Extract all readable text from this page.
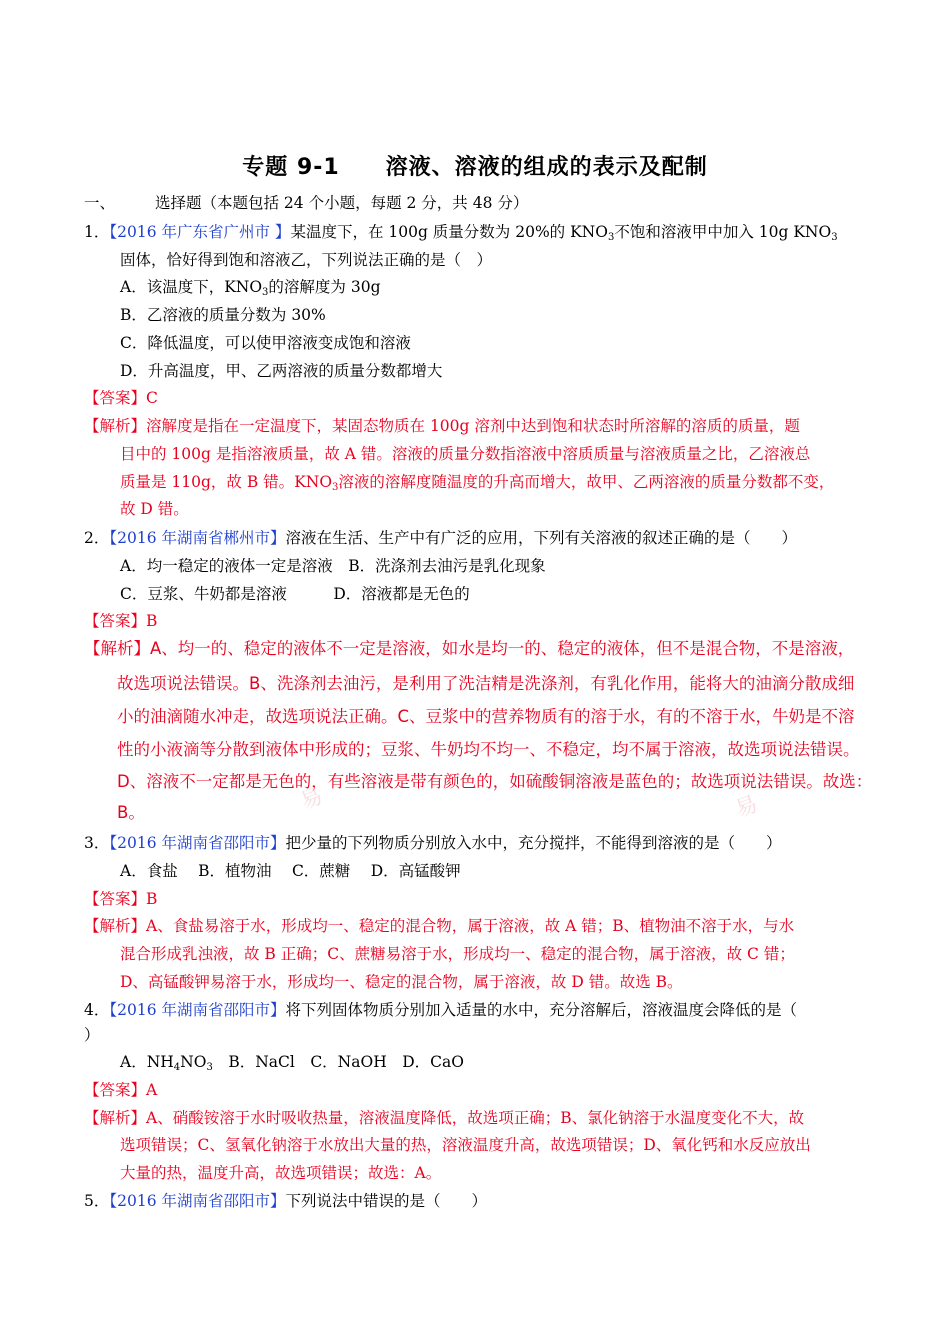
专题 9-1　　溶液、溶液的组成的表示及配制
一、	选择题（本题包括 24 个小题，每题 2 分，共 48 分）
1．【2016 年广东省广州市 】某温度下，在 100g 质量分数为 20%的 $KNO_3$不饱和溶液甲中加入 10g $KNO_3$
固体，恰好得到饱和溶液乙，下列说法正确的是（　）
A．该温度下，$KNO_3$的溶解度为 30g
B．乙溶液的质量分数为 30%
C．降低温度，可以使甲溶液变成饱和溶液
D．升高温度，甲、乙两溶液的质量分数都增大
【答案】C
【解析】溶解度是指在一定温度下，某固态物质在 100g 溶剂中达到饱和状态时所溶解的溶质的质量，题
目中的 100g 是指溶液质量，故 A 错。溶液的质量分数指溶液中溶质质量与溶液质量之比，乙溶液总
质量是 110g，故 B 错。$KNO_3$溶液的溶解度随温度的升高而增大，故甲、乙两溶液的质量分数都不变，
故 D 错。
2．【2016 年湖南省郴州市】溶液在生活、生产中有广泛的应用，下列有关溶液的叙述正确的是（　　）
A．均一稳定的液体一定是溶液　B．洗涤剂去油污是乳化现象
C．豆浆、牛奶都是溶液　　　D．溶液都是无色的
【答案】B
【解析】A、均一的、稳定的液体不一定是溶液，如水是均一的、稳定的液体，但不是混合物，不是溶液，
故选项说法错误。B、洗涤剂去油污，是利用了洗洁精是洗涤剂，有乳化作用，能将大的油滴分散成细
小的油滴随水冲走，故选项说法正确。C、豆浆中的营养物质有的溶于水，有的不溶于水，牛奶是不溶
性的小液滴等分散到液体中形成的；豆浆、牛奶均不均一、不稳定，均不属于溶液，故选项说法错误。
D、溶液不一定都是无色的，有些溶液是带有颜色的，如硫酸铜溶液是蓝色的；故选项说法错误。故选：
B。	易	易
3．【2016 年湖南省邵阳市】把少量的下列物质分别放入水中，充分搅拌，不能得到溶液的是（　　）
A．食盐　 B．植物油　 C．蔗糖　 D．高锰酸钾
【答案】B
【解析】A、食盐易溶于水，形成均一、稳定的混合物，属于溶液，故 A 错；B、植物油不溶于水，与水
混合形成乳浊液，故 B 正确；C、蔗糖易溶于水，形成均一、稳定的混合物，属于溶液，故 C 错；
D、高锰酸钾易溶于水，形成均一、稳定的混合物，属于溶液，故 D 错。故选 B。
4．【2016 年湖南省邵阳市】将下列固体物质分别加入适量的水中，充分溶解后，溶液温度会降低的是（
）
A．$NH_4NO_3$　B．NaCl　C．NaOH　D．CaO
【答案】A
【解析】A、硝酸铵溶于水时吸收热量，溶液温度降低，故选项正确；B、氯化钠溶于水温度变化不大，故
选项错误；C、氢氧化钠溶于水放出大量的热，溶液温度升高，故选项错误；D、氧化钙和水反应放出
大量的热，温度升高，故选项错误；故选：A。
5．【2016 年湖南省邵阳市】下列说法中错误的是（　　）
